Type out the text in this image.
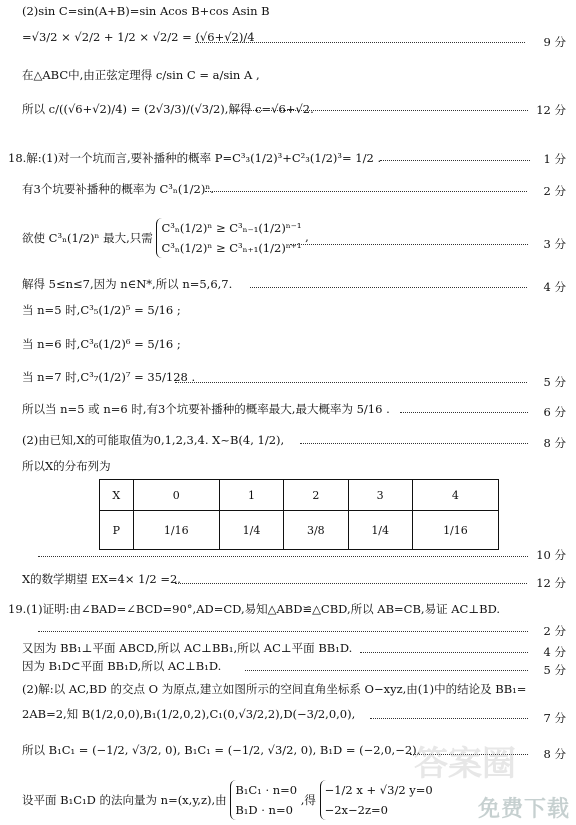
(2)sin C=sin(A+B)=sin Acos B+cos Asin B
=√3/2 × √2/2 + 1/2 × √2/2 = (√6+√2)/4	9 分
在△ABC中,由正弦定理得 c/sin C = a/sin A ,
所以 c/((√6+√2)/4) = (2√3/3)/(√3/2),解得 c=√6+√2.	12 分
18.解:(1)对一个坑而言,要补播种的概率 P=C³₃(1/2)³+C²₃(1/2)³= 1/2 .	1 分
有3个坑要补播种的概率为 C³ₙ(1/2)ⁿ.	2 分
欲使 C³ₙ(1/2)ⁿ 最大,只需
C³ₙ(1/2)ⁿ ≥ C³ₙ₋₁(1/2)ⁿ⁻¹
C³ₙ(1/2)ⁿ ≥ C³ₙ₊₁(1/2)ⁿ⁺¹
,	3 分
解得 5≤n≤7,因为 n∈N*,所以 n=5,6,7.	4 分
当 n=5 时,C³₅(1/2)⁵ = 5/16 ;
当 n=6 时,C³₆(1/2)⁶ = 5/16 ;
当 n=7 时,C³₇(1/2)⁷ = 35/128 .	5 分
所以当 n=5 或 n=6 时,有3个坑要补播种的概率最大,最大概率为 5/16 .	6 分
(2)由已知,X的可能取值为0,1,2,3,4. X~B(4, 1/2),	8 分
所以X的分布列为
X	0	1	2	3	4
P	1/16	1/4	3/8	1/4	1/16
10 分
X的数学期望 EX=4× 1/2 =2.	12 分
19.(1)证明:由∠BAD=∠BCD=90°,AD=CD,易知△ABD≌△CBD,所以 AB=CB,易证 AC⊥BD.
2 分
又因为 BB₁⊥平面 ABCD,所以 AC⊥BB₁,所以 AC⊥平面 BB₁D.	4 分
因为 B₁D⊂平面 BB₁D,所以 AC⊥B₁D.	5 分
(2)解:以 AC,BD 的交点 O 为原点,建立如图所示的空间直角坐标系 O−xyz,由(1)中的结论及 BB₁=
2AB=2,知 B(1/2,0,0),B₁(1/2,0,2),C₁(0,√3/2,2),D(−3/2,0,0),	7 分
所以 B₁C₁ = (−1/2, √3/2, 0), B₁C₁ = (−1/2, √3/2, 0), B₁D = (−2,0,−2).	8 分
设平面 B₁C₁D 的法向量为 n=(x,y,z),由
B₁C₁ · n=0
B₁D · n=0
,得
−1/2 x + √3/2 y=0
−2x−2z=0
答案圈
免费下载
